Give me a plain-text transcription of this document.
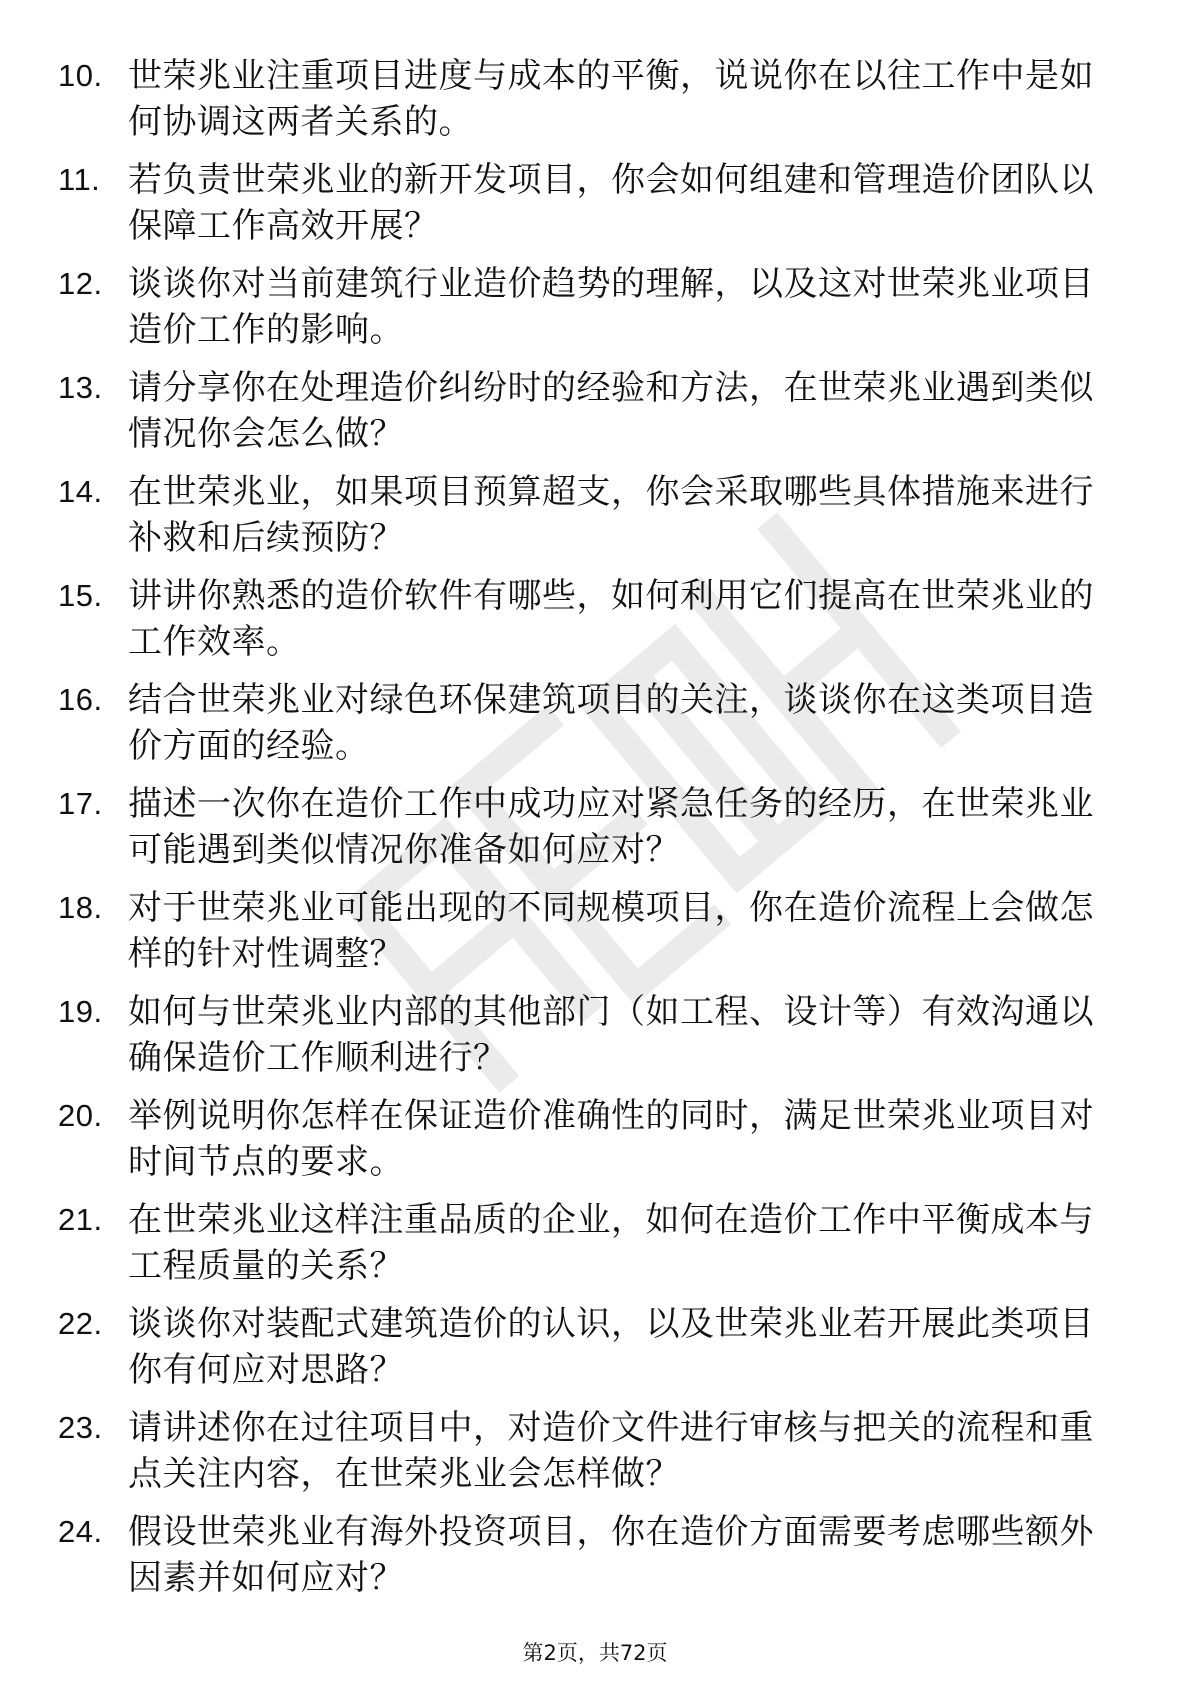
10. 世荣兆业注重项目进度与成本的平衡，说说你在以往工作中是如何协调这两者关系的。
11. 若负责世荣兆业的新开发项目，你会如何组建和管理造价团队以保障工作高效开展？
12. 谈谈你对当前建筑行业造价趋势的理解，以及这对世荣兆业项目造价工作的影响。
13. 请分享你在处理造价纠纷时的经验和方法，在世荣兆业遇到类似情况你会怎么做？
14. 在世荣兆业，如果项目预算超支，你会采取哪些具体措施来进行补救和后续预防？
15. 讲讲你熟悉的造价软件有哪些，如何利用它们提高在世荣兆业的工作效率。
16. 结合世荣兆业对绿色环保建筑项目的关注，谈谈你在这类项目造价方面的经验。
17. 描述一次你在造价工作中成功应对紧急任务的经历，在世荣兆业可能遇到类似情况你准备如何应对？
18. 对于世荣兆业可能出现的不同规模项目，你在造价流程上会做怎样的针对性调整？
19. 如何与世荣兆业内部的其他部门（如工程、设计等）有效沟通以确保造价工作顺利进行？
20. 举例说明你怎样在保证造价准确性的同时，满足世荣兆业项目对时间节点的要求。
21. 在世荣兆业这样注重品质的企业，如何在造价工作中平衡成本与工程质量的关系？
22. 谈谈你对装配式建筑造价的认识，以及世荣兆业若开展此类项目你有何应对思路？
23. 请讲述你在过往项目中，对造价文件进行审核与把关的流程和重点关注内容，在世荣兆业会怎样做？
24. 假设世荣兆业有海外投资项目，你在造价方面需要考虑哪些额外因素并如何应对？
第2页，共72页
